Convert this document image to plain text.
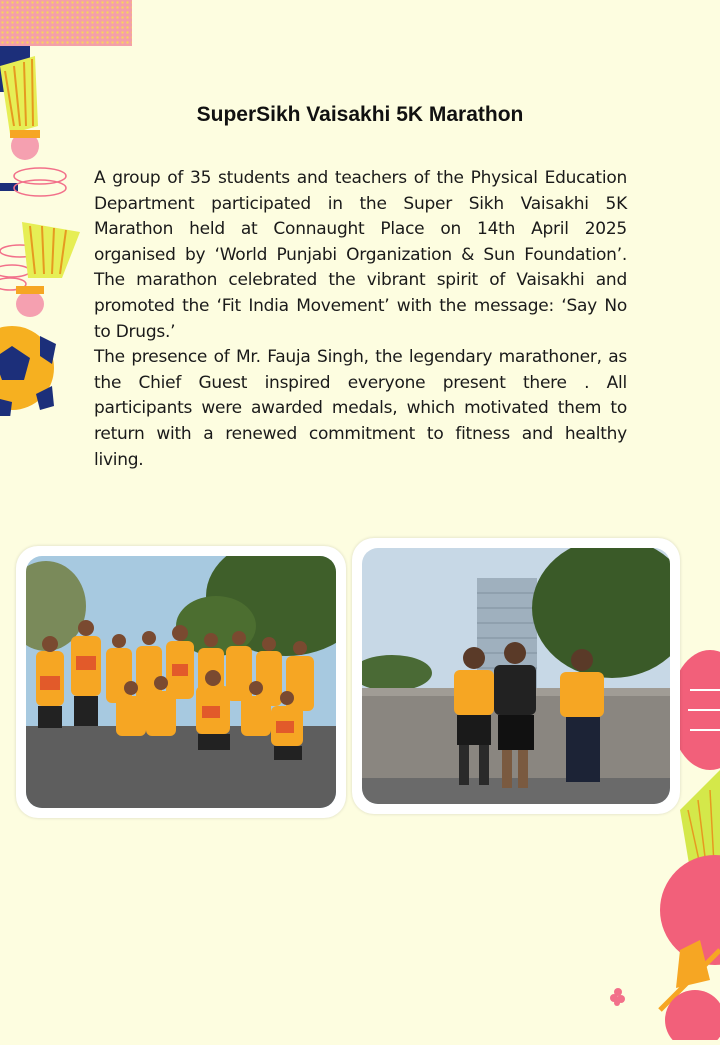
SuperSikh Vaisakhi 5K Marathon

A group of 35 students and teachers of the Physical Education Department participated in the Super Sikh Vaisakhi 5K Marathon held at Connaught Place on 14th April 2025 organised by ‘World Punjabi Organization & Sun Foundation’. The marathon celebrated the vibrant spirit of Vaisakhi and promoted the ‘Fit India Movement’ with the message: ‘Say No to Drugs.’

The presence of Mr. Fauja Singh, the legendary marathoner, as the Chief Guest inspired everyone present there . All participants were awarded medals, which motivated them to return with a renewed commitment to fitness and healthy living.
